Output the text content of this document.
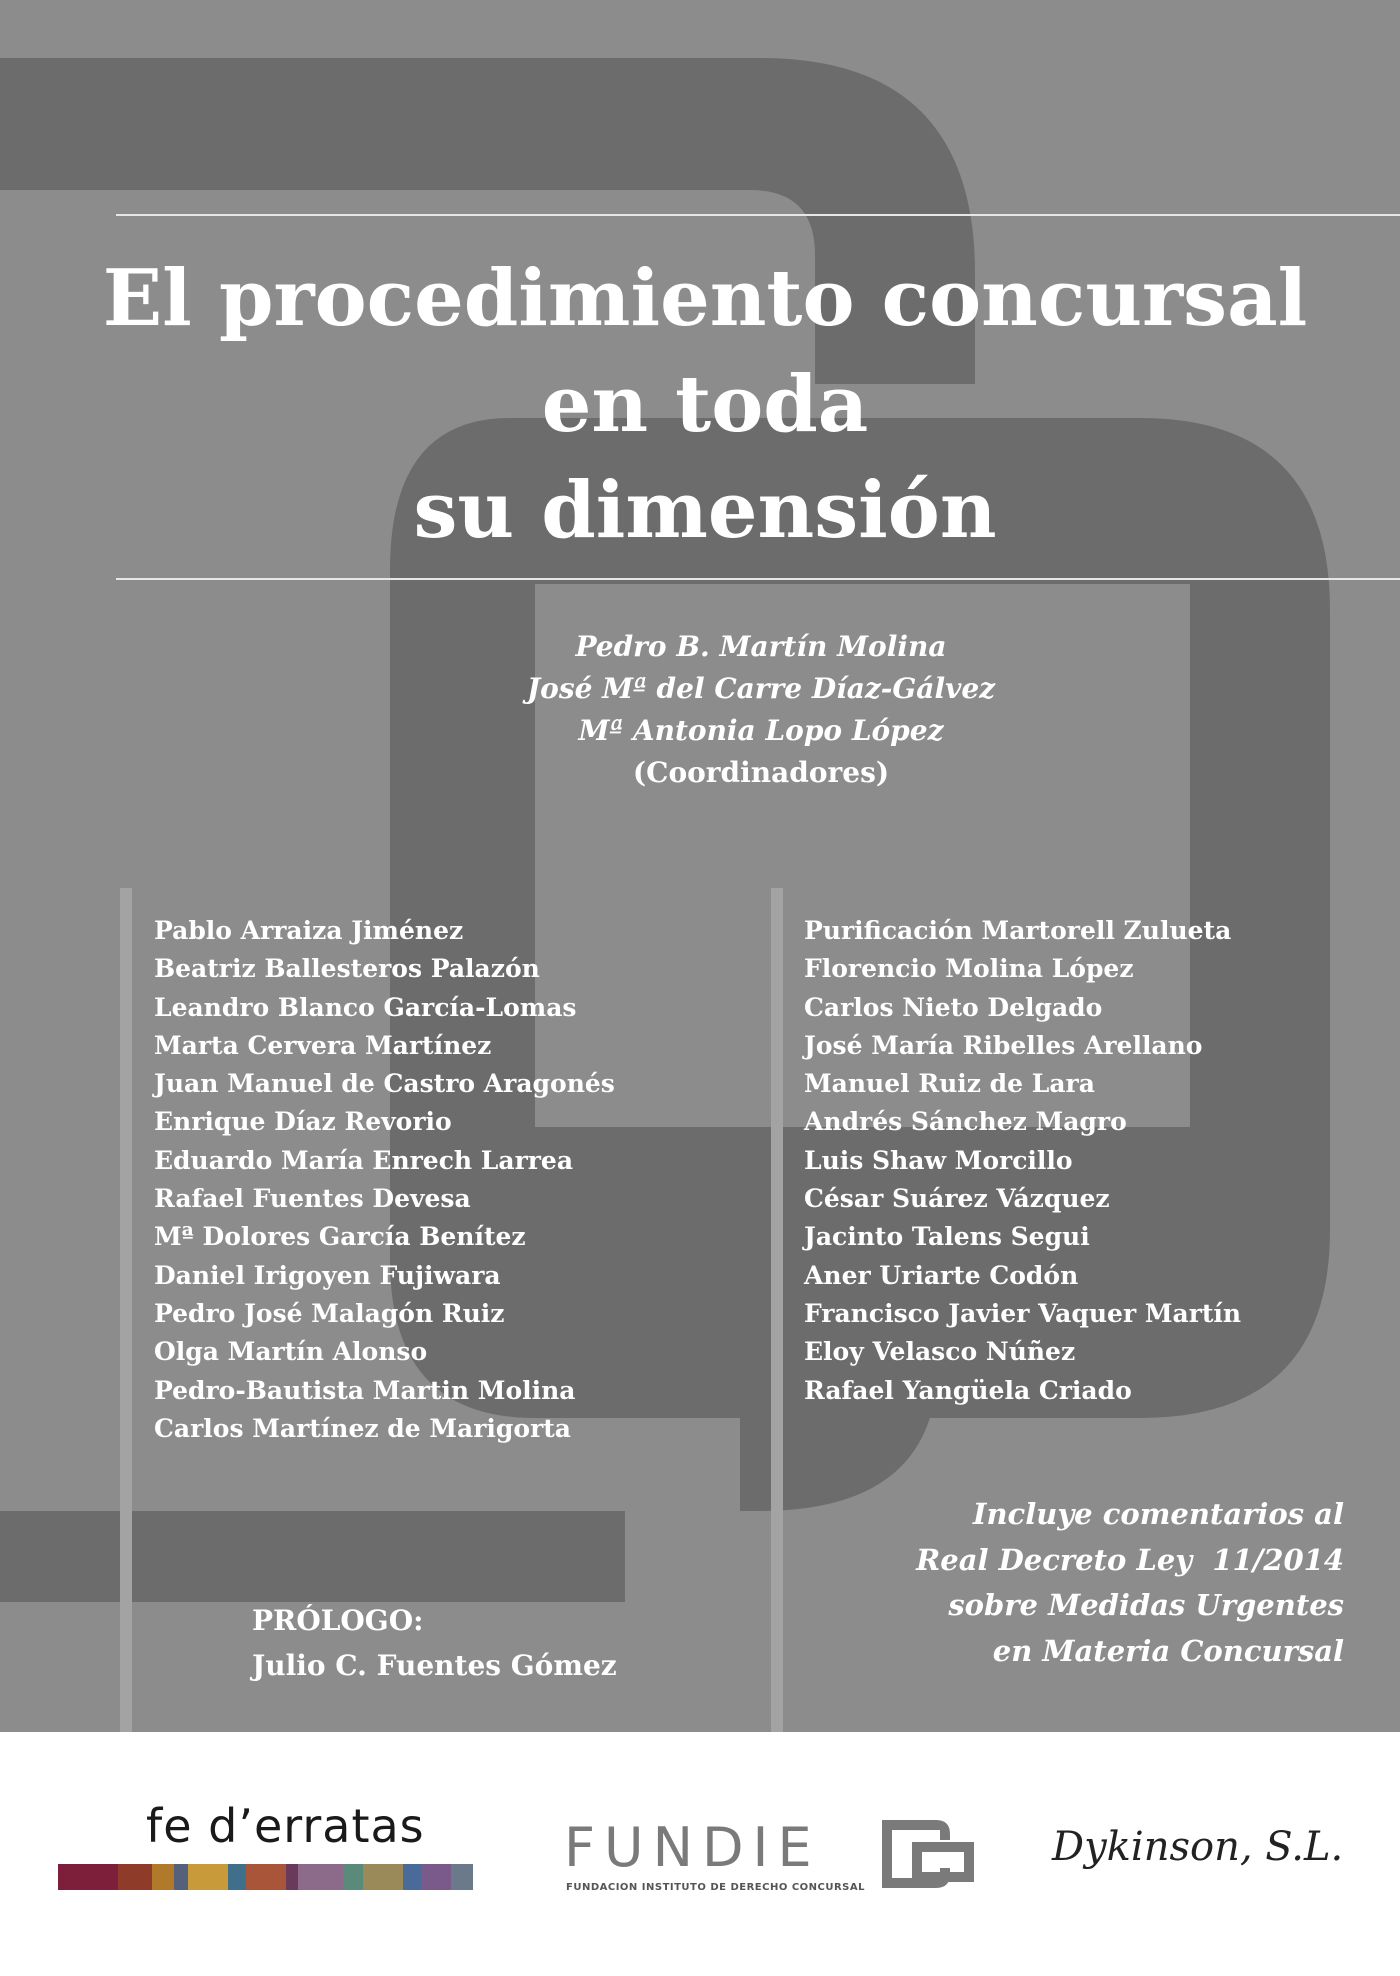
El procedimiento concursal
en toda
su dimensión
Pedro B. Martín Molina
José Mª del Carre Díaz-Gálvez
Mª Antonia Lopo López
(Coordinadores)
Pablo Arraiza Jiménez
Beatriz Ballesteros Palazón
Leandro Blanco García-Lomas
Marta Cervera Martínez
Juan Manuel de Castro Aragonés
Enrique Díaz Revorio
Eduardo María Enrech Larrea
Rafael Fuentes Devesa
Mª Dolores García Benítez
Daniel Irigoyen Fujiwara
Pedro José Malagón Ruiz
Olga Martín Alonso
Pedro-Bautista Martin Molina
Carlos Martínez de Marigorta
Purificación Martorell Zulueta
Florencio Molina López
Carlos Nieto Delgado
José María Ribelles Arellano
Manuel Ruiz de Lara
Andrés Sánchez Magro
Luis Shaw Morcillo
César Suárez Vázquez
Jacinto Talens Segui
Aner Uriarte Codón
Francisco Javier Vaquer Martín
Eloy Velasco Núñez
Rafael Yangüela Criado
Incluye comentarios al
Real Decreto Ley  11/2014
sobre Medidas Urgentes
en Materia Concursal
PRÓLOGO:
Julio C. Fuentes Gómez
fe d’erratas	FUNDIE
FUNDACION INSTITUTO DE DERECHO CONCURSAL
Dykinson, S.L.
